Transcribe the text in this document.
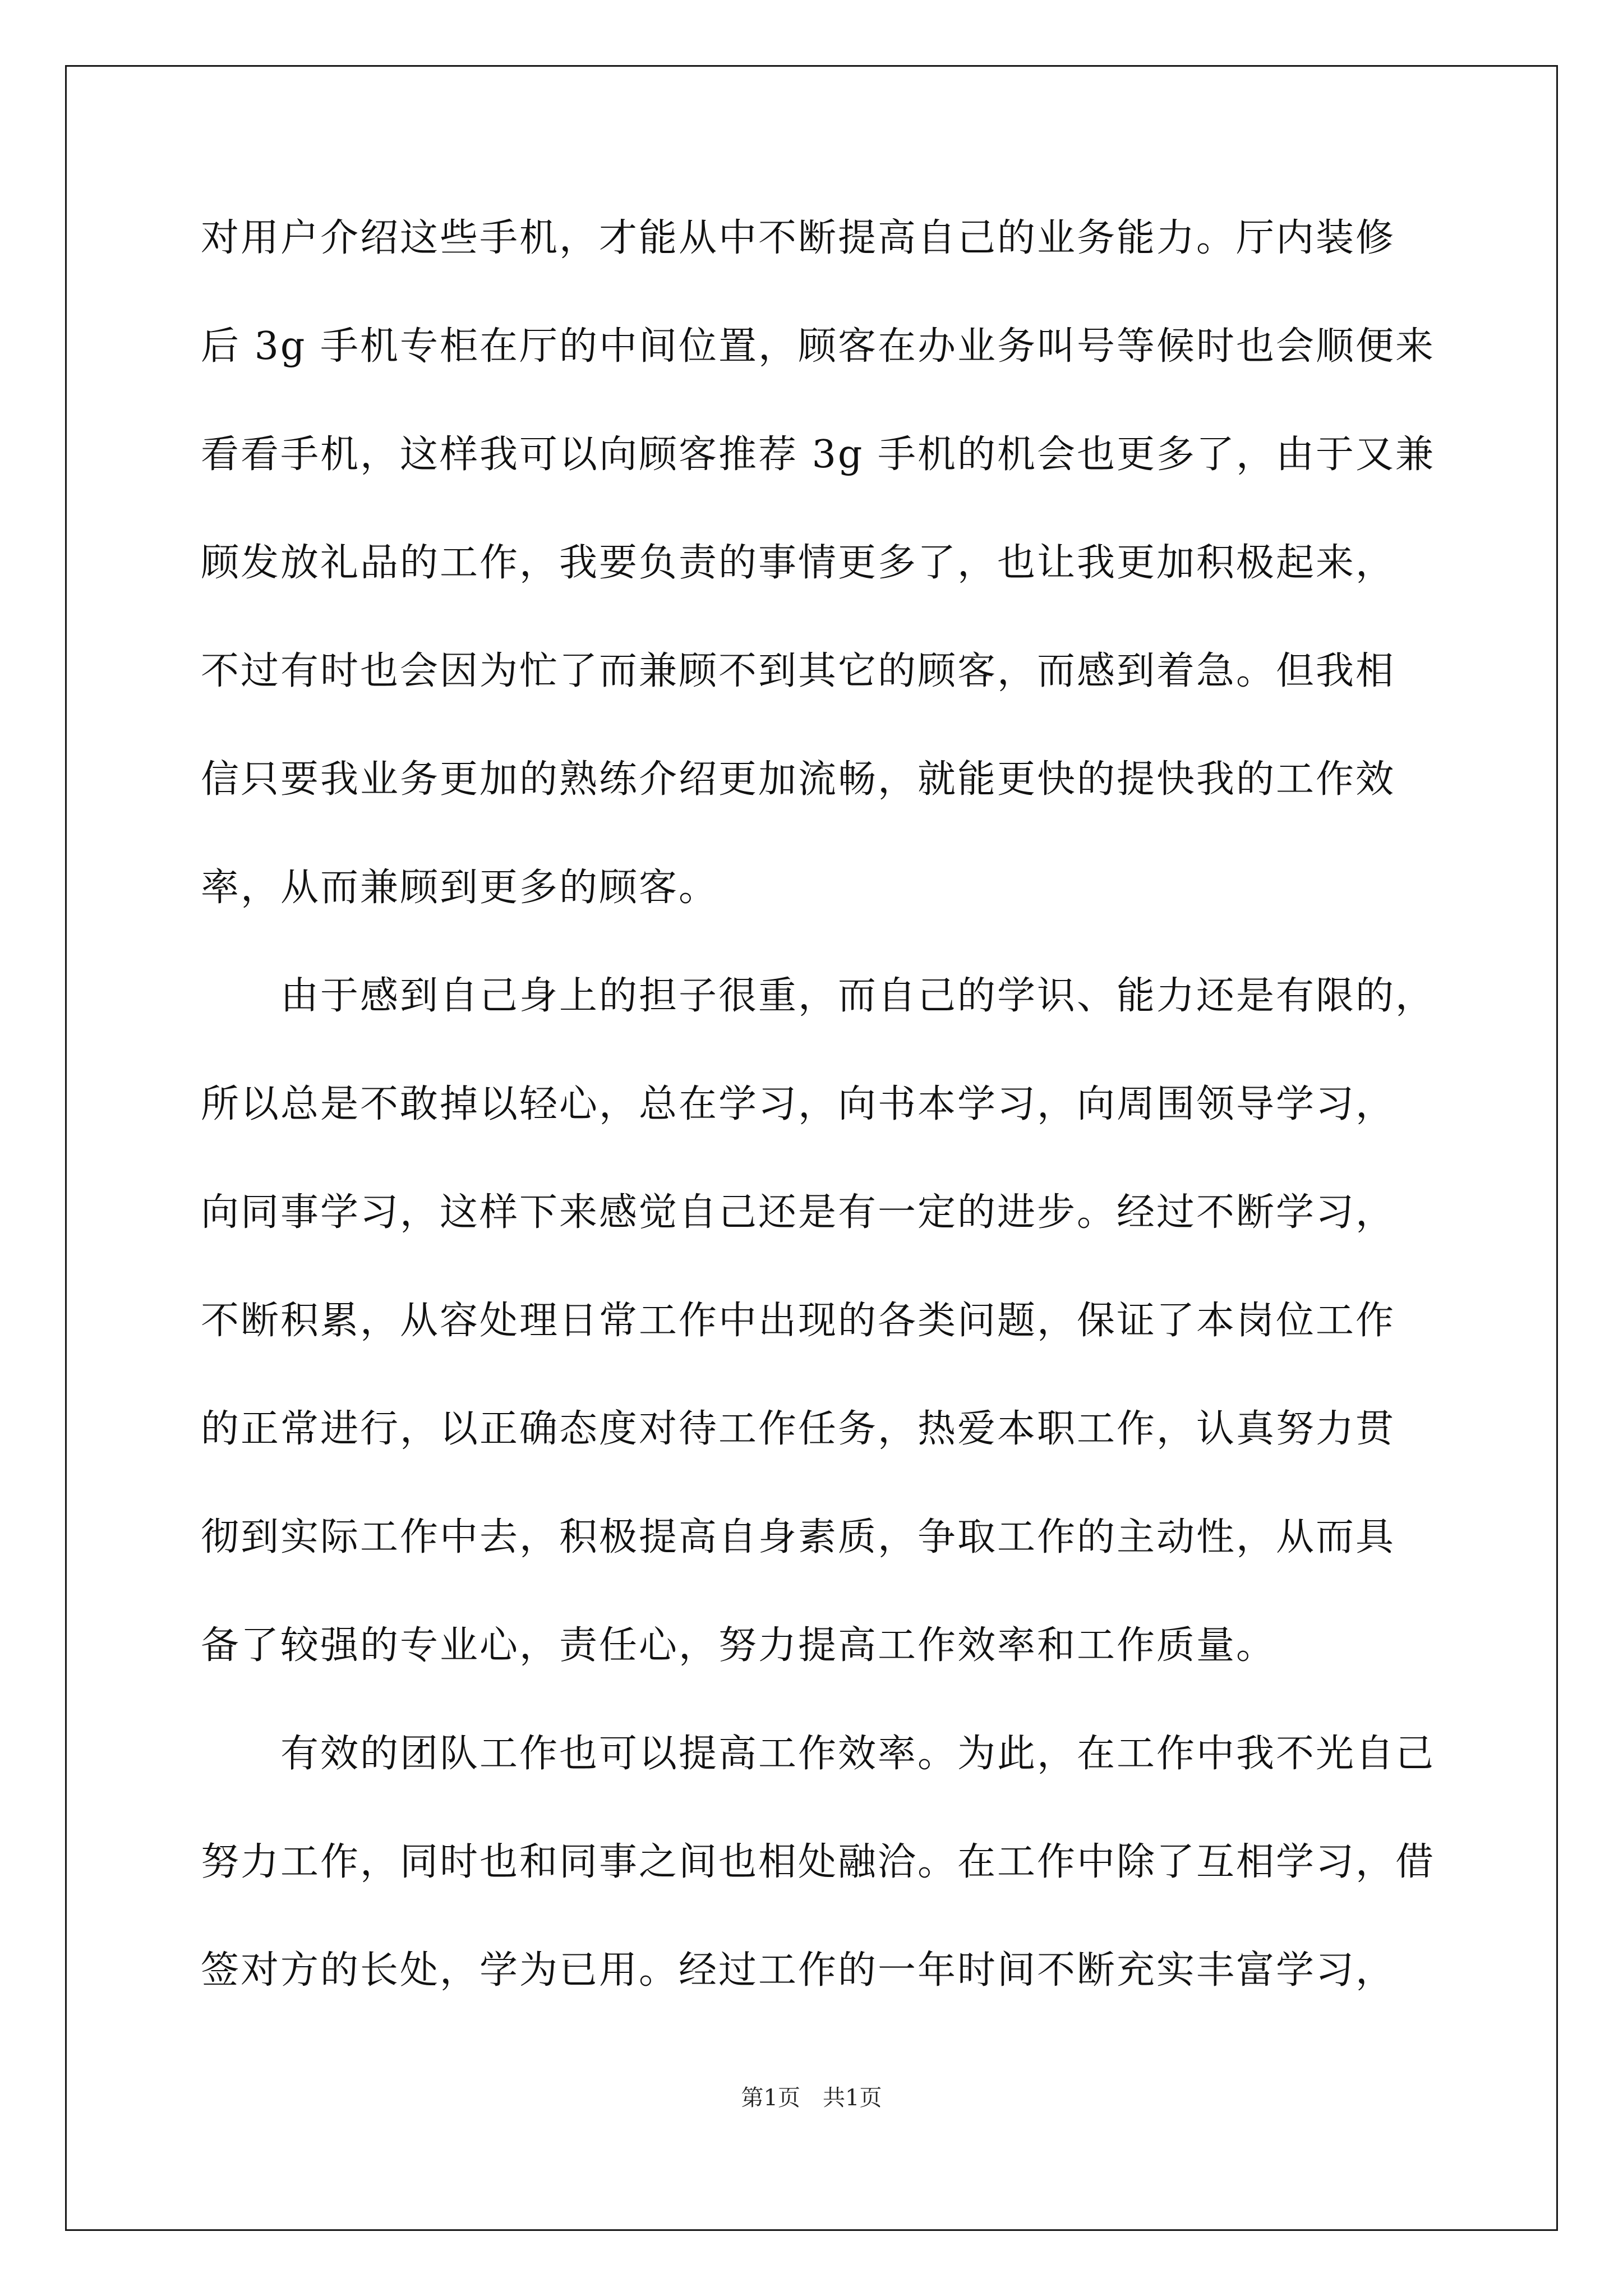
对用户介绍这些手机，才能从中不断提高自己的业务能力。厅内装修
后 3g 手机专柜在厅的中间位置，顾客在办业务叫号等候时也会顺便来
看看手机，这样我可以向顾客推荐 3g 手机的机会也更多了，由于又兼
顾发放礼品的工作，我要负责的事情更多了，也让我更加积极起来，
不过有时也会因为忙了而兼顾不到其它的顾客，而感到着急。但我相
信只要我业务更加的熟练介绍更加流畅，就能更快的提快我的工作效
率，从而兼顾到更多的顾客。
　　由于感到自己身上的担子很重，而自己的学识、能力还是有限的，
所以总是不敢掉以轻心，总在学习，向书本学习，向周围领导学习，
向同事学习，这样下来感觉自己还是有一定的进步。经过不断学习，
不断积累，从容处理日常工作中出现的各类问题，保证了本岗位工作
的正常进行，以正确态度对待工作任务，热爱本职工作，认真努力贯
彻到实际工作中去，积极提高自身素质，争取工作的主动性，从而具
备了较强的专业心，责任心，努力提高工作效率和工作质量。
　　有效的团队工作也可以提高工作效率。为此，在工作中我不光自己
努力工作，同时也和同事之间也相处融洽。在工作中除了互相学习，借
签对方的长处，学为已用。经过工作的一年时间不断充实丰富学习，
第1页　共1页
